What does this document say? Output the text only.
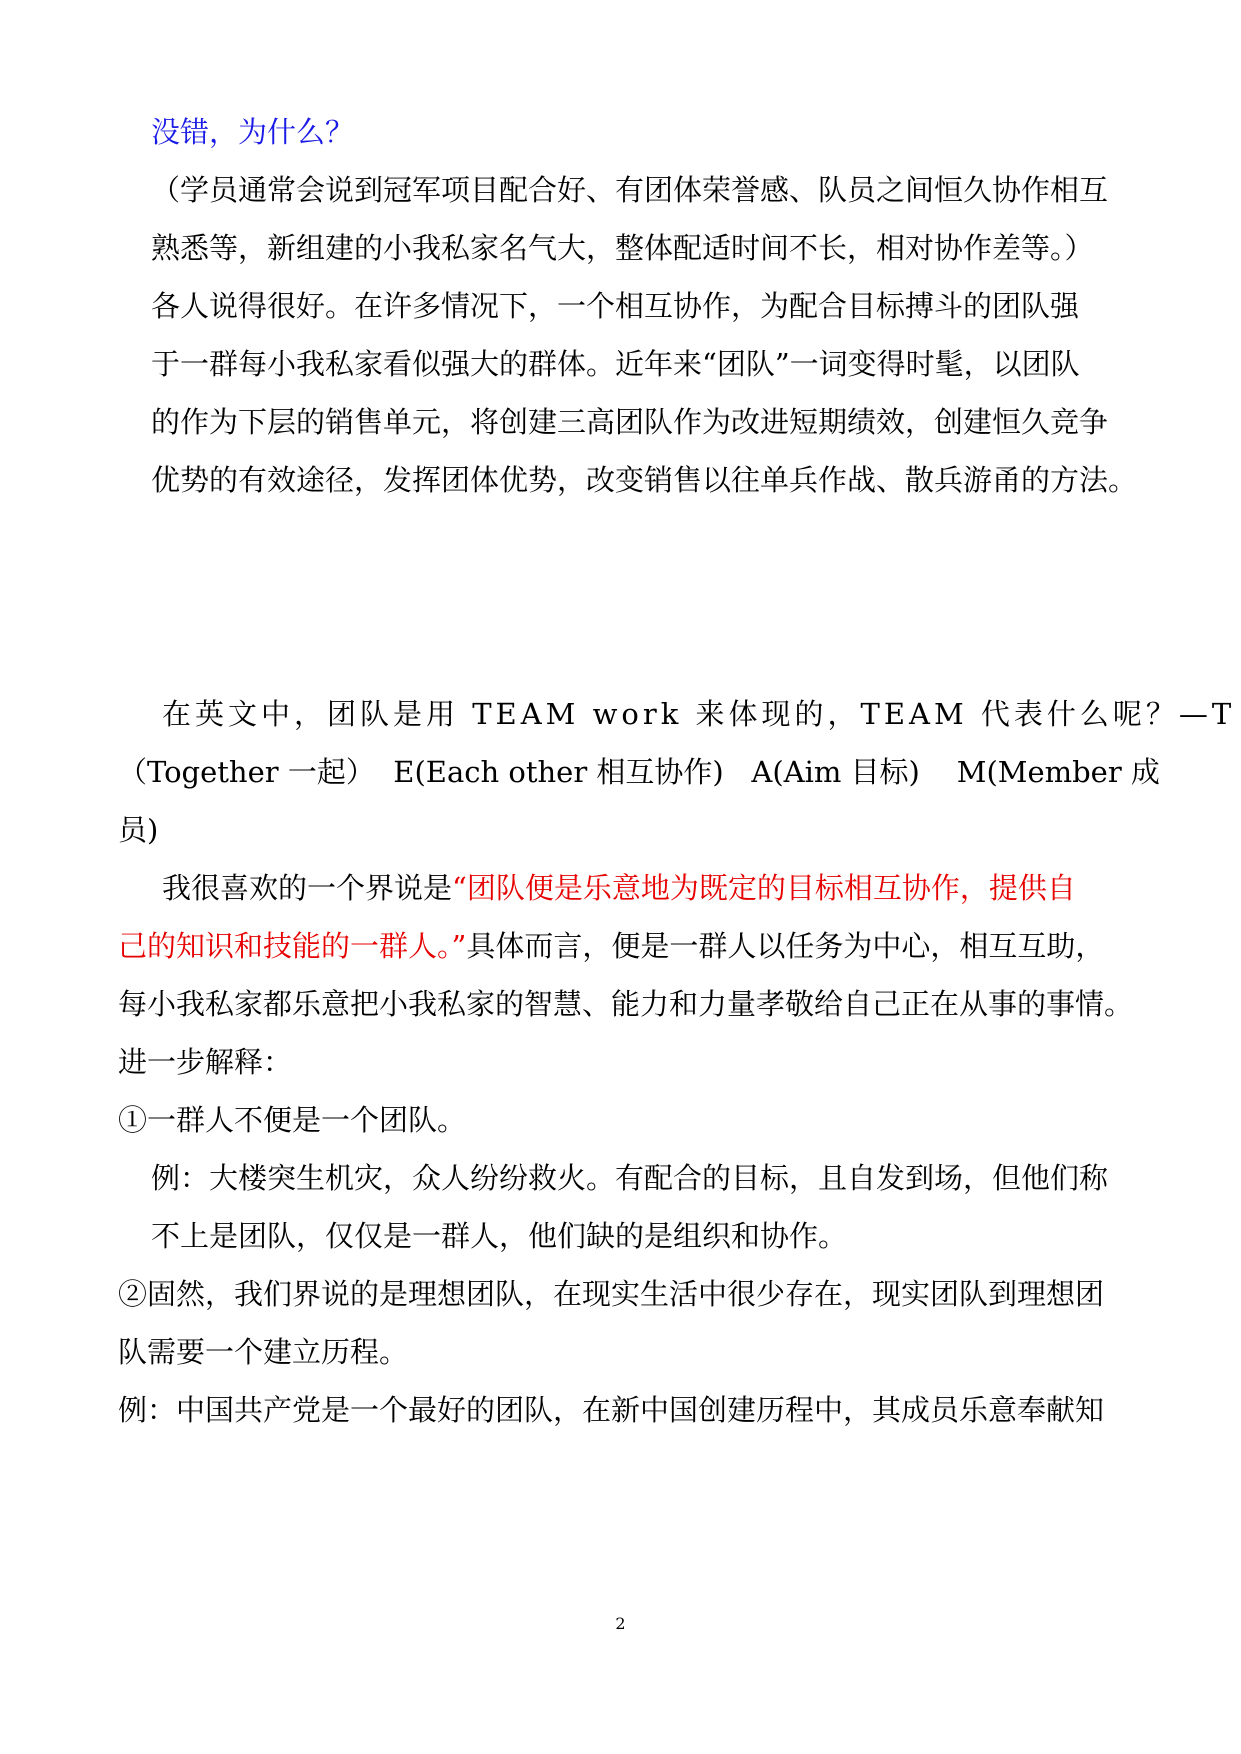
没错，为什么？
（学员通常会说到冠军项目配合好、有团体荣誉感、队员之间恒久协作相互
熟悉等，新组建的小我私家名气大，整体配适时间不长，相对协作差等。）
各人说得很好。在许多情况下，一个相互协作，为配合目标搏斗的团队强
于一群每小我私家看似强大的群体。近年来“团队”一词变得时髦，以团队
的作为下层的销售单元，将创建三高团队作为改进短期绩效，创建恒久竞争
优势的有效途径，发挥团体优势，改变销售以往单兵作战、散兵游甬的方法。
在英文中，团队是用 TEAM work 来体现的，TEAM 代表什么呢？—T
（Together 一起）  E(Each other 相互协作)   A(Aim 目标)    M(Member 成
员)
我很喜欢的一个界说是“团队便是乐意地为既定的目标相互协作，提供自
己的知识和技能的一群人。”具体而言，便是一群人以任务为中心，相互互助，
每小我私家都乐意把小我私家的智慧、能力和力量孝敬给自己正在从事的事情。
进一步解释：
①一群人不便是一个团队。
例：大楼突生机灾，众人纷纷救火。有配合的目标，且自发到场，但他们称
不上是团队，仅仅是一群人，他们缺的是组织和协作。
②固然，我们界说的是理想团队，在现实生活中很少存在，现实团队到理想团
队需要一个建立历程。
例：中国共产党是一个最好的团队，在新中国创建历程中，其成员乐意奉献知
2
